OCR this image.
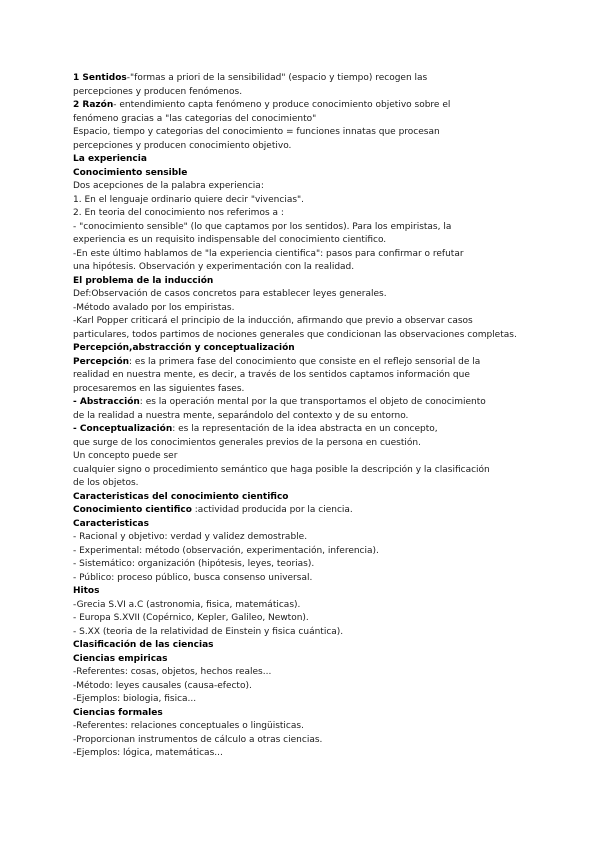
1 Sentidos-"formas a priori de la sensibilidad" (espacio y tiempo) recogen las
percepciones y producen fenómenos.
2 Razón- entendimiento capta fenómeno y produce conocimiento objetivo sobre el
fenómeno gracias a "las categorias del conocimiento"
Espacio, tiempo y categorias del conocimiento = funciones innatas que procesan
percepciones y producen conocimiento objetivo.
La experiencia
Conocimiento sensible
Dos acepciones de la palabra experiencia:
1. En el lenguaje ordinario quiere decir "vivencias".
2. En teoria del conocimiento nos referimos a :
- "conocimiento sensible" (lo que captamos por los sentidos). Para los empiristas, la
experiencia es un requisito indispensable del conocimiento cientifico.
-En este último hablamos de "la experiencia cientifica": pasos para confirmar o refutar
una hipótesis. Observación y experimentación con la realidad.
El problema de la inducción
Def:Observación de casos concretos para establecer leyes generales.
-Método avalado por los empiristas.
-Karl Popper criticará el principio de la inducción, afirmando que previo a observar casos
particulares, todos partimos de nociones generales que condicionan las observaciones completas.
Percepción,abstracción y conceptualización
Percepción: es la primera fase del conocimiento que consiste en el reflejo sensorial de la
realidad en nuestra mente, es decir, a través de los sentidos captamos información que
procesaremos en las siguientes fases.
- Abstracción: es la operación mental por la que transportamos el objeto de conocimiento
de la realidad a nuestra mente, separándolo del contexto y de su entorno.
- Conceptualización: es la representación de la idea abstracta en un concepto,
que surge de los conocimientos generales previos de la persona en cuestión.
Un concepto puede ser
cualquier signo o procedimiento semántico que haga posible la descripción y la clasificación
de los objetos.
Caracteristicas del conocimiento cientifico
Conocimiento cientifico :actividad producida por la ciencia.
Caracteristicas
- Racional y objetivo: verdad y validez demostrable.
- Experimental: método (observación, experimentación, inferencia).
- Sistemático: organización (hipótesis, leyes, teorias).
- Público: proceso público, busca consenso universal.
Hitos
-Grecia S.VI a.C (astronomia, fisica, matemáticas).
- Europa S.XVII (Copérnico, Kepler, Galileo, Newton).
- S.XX (teoria de la relatividad de Einstein y fisica cuántica).
Clasificación de las ciencias
Ciencias empiricas
-Referentes: cosas, objetos, hechos reales...
-Método: leyes causales (causa-efecto).
-Ejemplos: biologia, fisica...
Ciencias formales
-Referentes: relaciones conceptuales o lingüisticas.
-Proporcionan instrumentos de cálculo a otras ciencias.
-Ejemplos: lógica, matemáticas...
